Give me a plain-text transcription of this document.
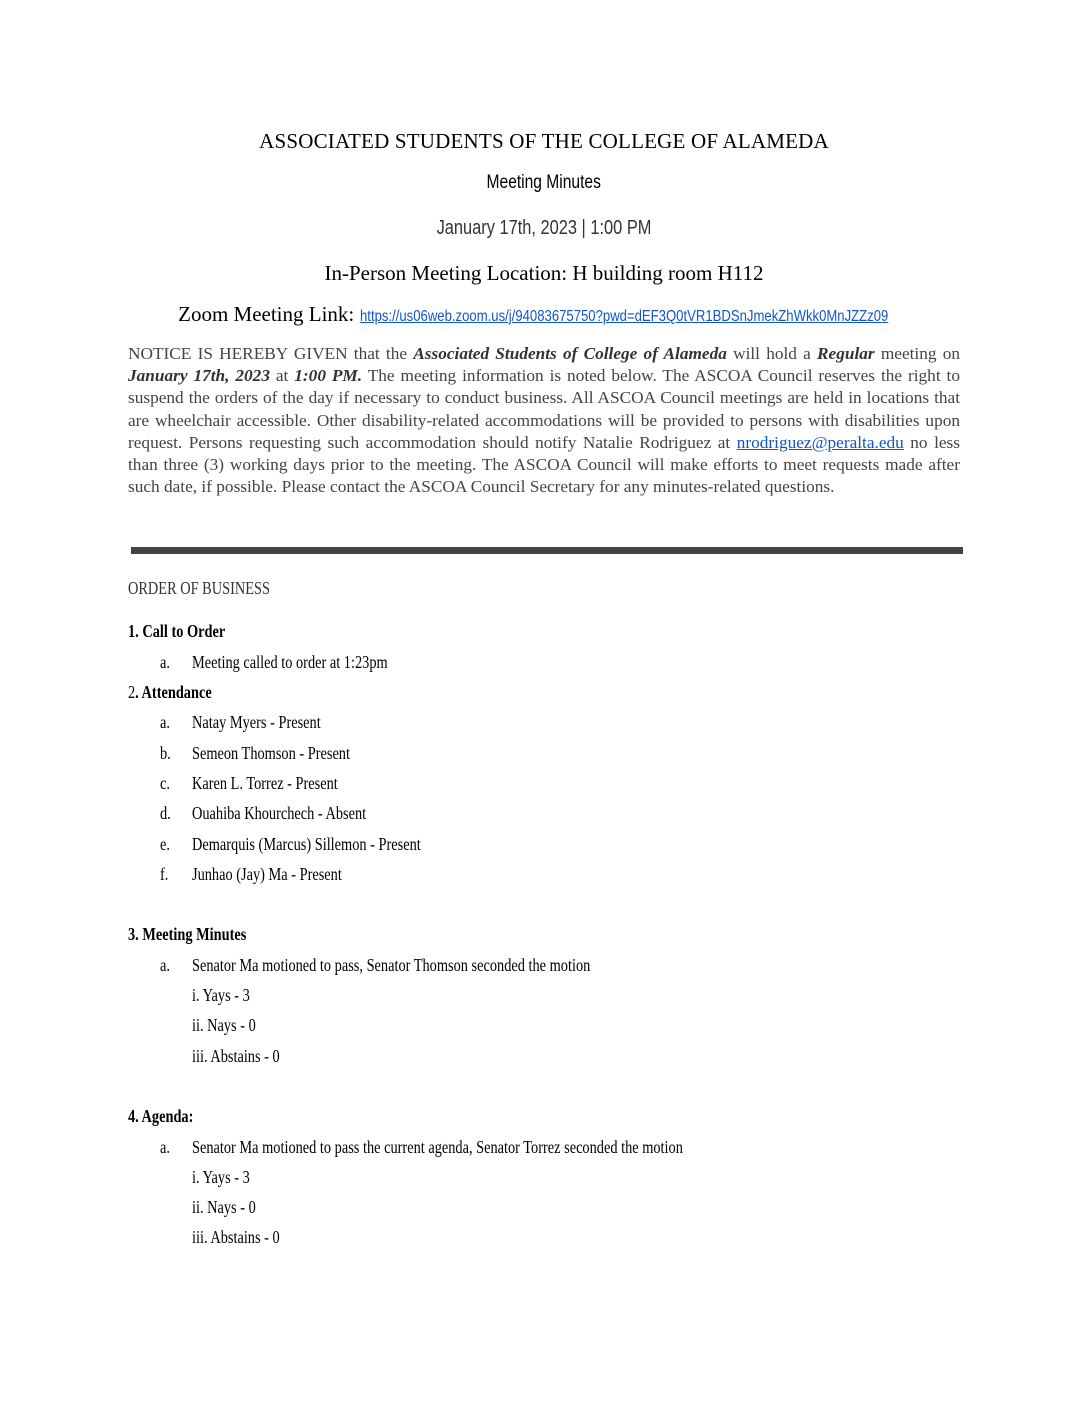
ASSOCIATED STUDENTS OF THE COLLEGE OF ALAMEDA
Meeting Minutes
January 17th, 2023 | 1:00 PM
In-Person Meeting Location: H building room H112
Zoom Meeting Link: https://us06web.zoom.us/j/94083675750?pwd=dEF3Q0tVR1BDSnJmekZhWkk0MnJZZz09
NOTICE IS HEREBY GIVEN that the Associated Students of College of Alameda will hold a Regular meeting on January 17th, 2023 at 1:00 PM. The meeting information is noted below. The ASCOA Council reserves the right to suspend the orders of the day if necessary to conduct business. All ASCOA Council meetings are held in locations that are wheelchair accessible. Other disability-related accommodations will be provided to persons with disabilities upon request. Persons requesting such accommodation should notify Natalie Rodriguez at nrodriguez@peralta.edu no less than three (3) working days prior to the meeting. The ASCOA Council will make efforts to meet requests made after such date, if possible. Please contact the ASCOA Council Secretary for any minutes-related questions.
ORDER OF BUSINESS
1. Call to Order
a. Meeting called to order at 1:23pm
2. Attendance
a. Natay Myers - Present
b. Semeon Thomson - Present
c. Karen L. Torrez - Present
d. Ouahiba Khourchech - Absent
e. Demarquis (Marcus) Sillemon - Present
f. Junhao (Jay) Ma - Present
3. Meeting Minutes
a. Senator Ma motioned to pass, Senator Thomson seconded the motion
i. Yays - 3
ii. Nays - 0
iii. Abstains - 0
4. Agenda:
a. Senator Ma motioned to pass the current agenda, Senator Torrez seconded the motion
i. Yays - 3
ii. Nays - 0
iii. Abstains - 0
